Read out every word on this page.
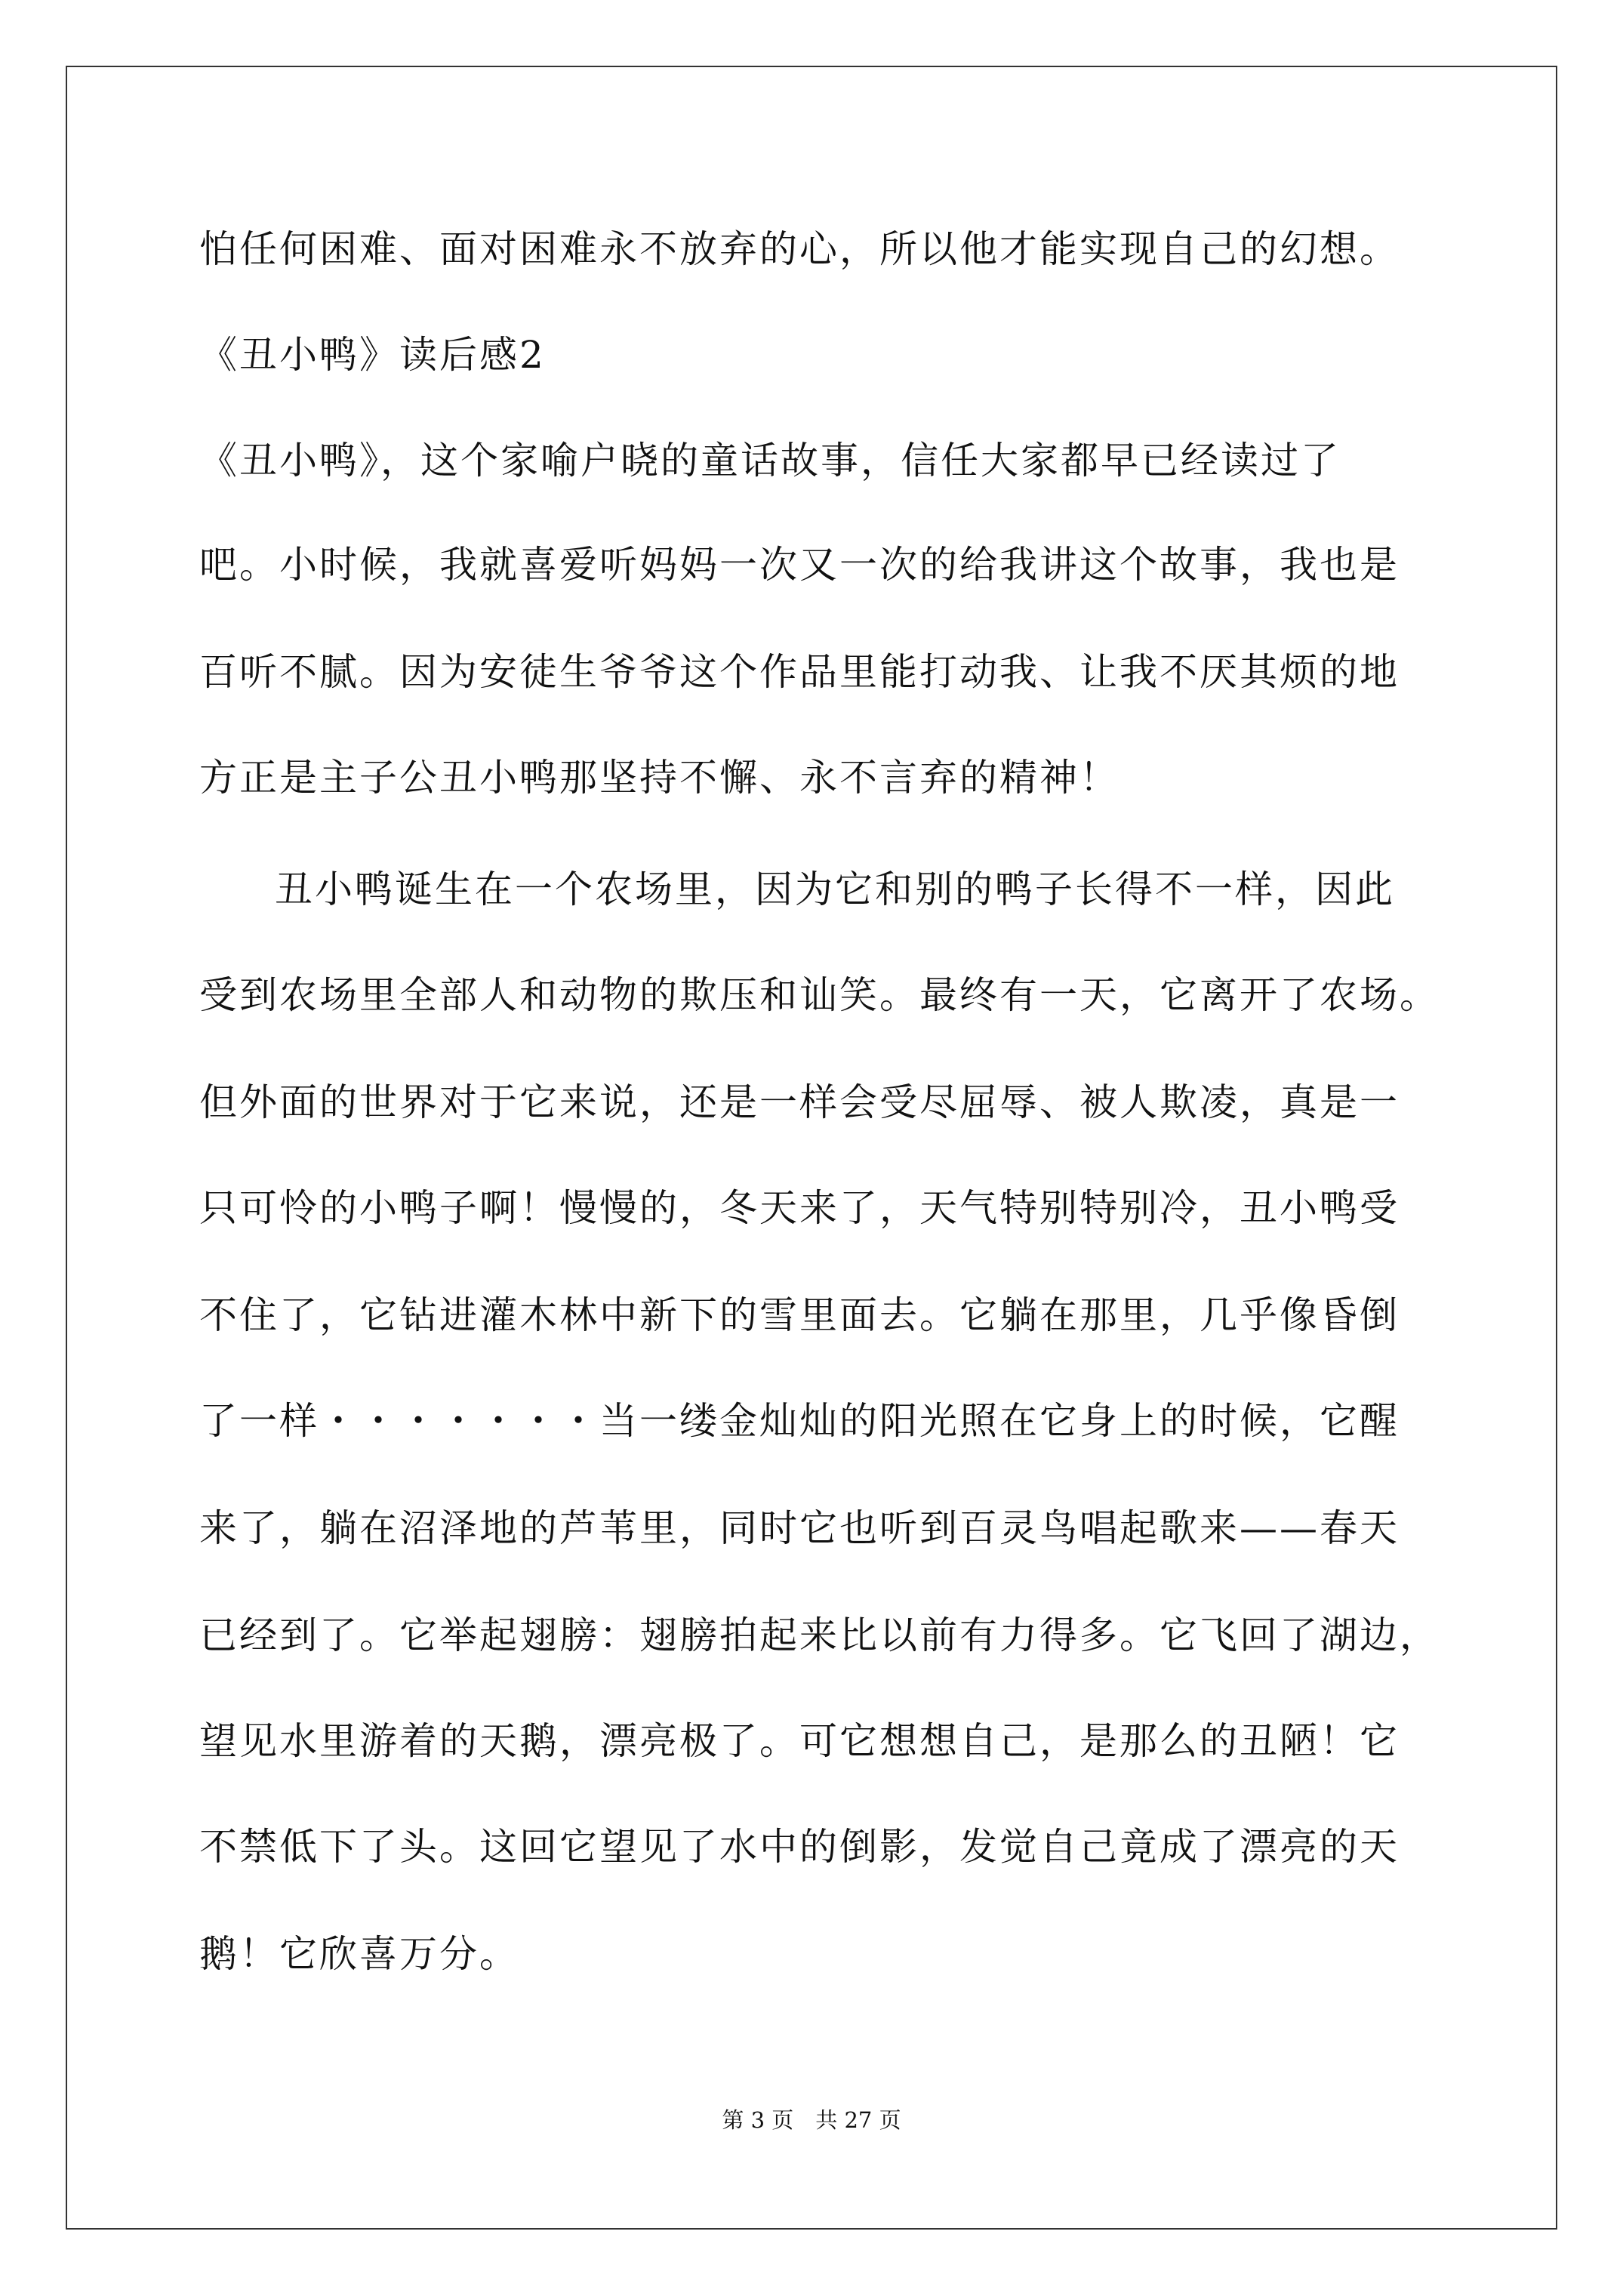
怕任何困难、面对困难永不放弃的心，所以他才能实现自己的幻想。
《丑小鸭》读后感2
《丑小鸭》，这个家喻户晓的童话故事，信任大家都早已经读过了
吧。小时候，我就喜爱听妈妈一次又一次的给我讲这个故事，我也是
百听不腻。因为安徒生爷爷这个作品里能打动我、让我不厌其烦的地
方正是主子公丑小鸭那坚持不懈、永不言弃的精神！
丑小鸭诞生在一个农场里，因为它和别的鸭子长得不一样，因此
受到农场里全部人和动物的欺压和讪笑。最终有一天，它离开了农场。
但外面的世界对于它来说，还是一样会受尽屈辱、被人欺凌，真是一
只可怜的小鸭子啊！慢慢的，冬天来了，天气特别特别冷，丑小鸭受
不住了，它钻进灌木林中新下的雪里面去。它躺在那里，几乎像昏倒
了一样・・・・・・・当一缕金灿灿的阳光照在它身上的时候，它醒
来了，躺在沼泽地的芦苇里，同时它也听到百灵鸟唱起歌来——春天
已经到了。它举起翅膀：翅膀拍起来比以前有力得多。它飞回了湖边，
望见水里游着的天鹅，漂亮极了。可它想想自己，是那么的丑陋！它
不禁低下了头。这回它望见了水中的倒影，发觉自己竟成了漂亮的天
鹅！它欣喜万分。
第 3 页　共 27 页
